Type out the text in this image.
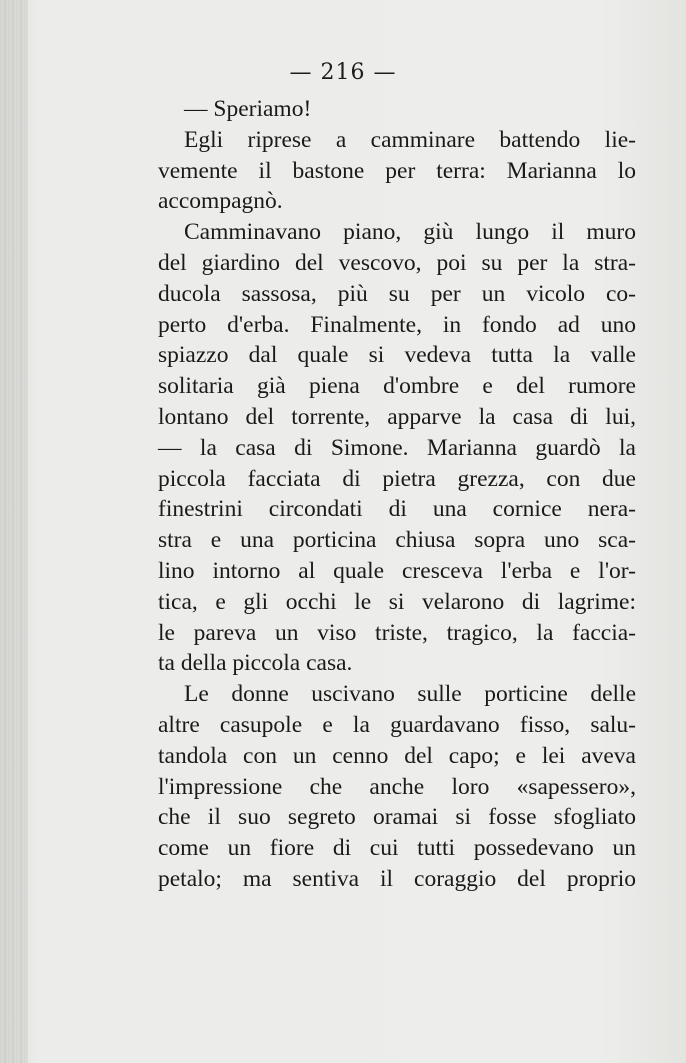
— 216 —
— Speriamo!
Egli riprese a camminare battendo lie-
vemente il bastone per terra: Marianna lo
accompagnò.
Camminavano piano, giù lungo il muro
del giardino del vescovo, poi su per la stra-
ducola sassosa, più su per un vicolo co-
perto d'erba. Finalmente, in fondo ad uno
spiazzo dal quale si vedeva tutta la valle
solitaria già piena d'ombre e del rumore
lontano del torrente, apparve la casa di lui,
— la casa di Simone. Marianna guardò la
piccola facciata di pietra grezza, con due
finestrini circondati di una cornice nera-
stra e una porticina chiusa sopra uno sca-
lino intorno al quale cresceva l'erba e l'or-
tica, e gli occhi le si velarono di lagrime:
le pareva un viso triste, tragico, la faccia-
ta della piccola casa.
Le donne uscivano sulle porticine delle
altre casupole e la guardavano fisso, salu-
tandola con un cenno del capo; e lei aveva
l'impressione che anche loro «sapessero»,
che il suo segreto oramai si fosse sfogliato
come un fiore di cui tutti possedevano un
petalo; ma sentiva il coraggio del proprio
